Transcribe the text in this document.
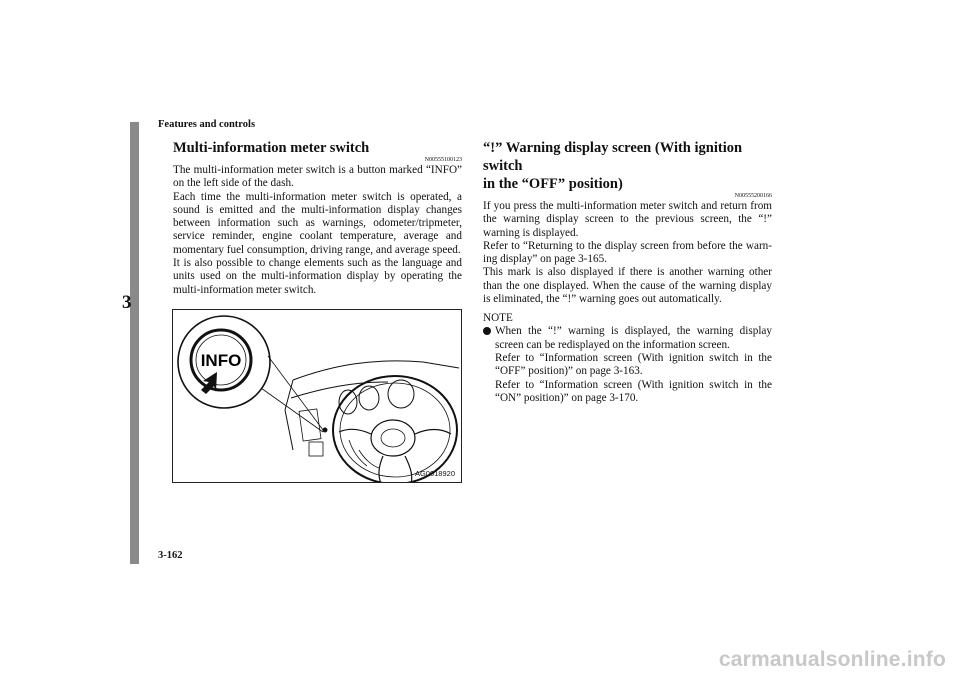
Features and controls
3
3-162
Multi-information meter switch
N00555100123

The multi-information meter switch is a button marked “INFO” on the left side of the dash.

Each time the multi-information meter switch is operated, a sound is emitted and the multi-information display changes between information such as warnings, odometer/tripmeter, service reminder, engine coolant temperature, average and momentary fuel consumption, driving range, and average speed.

It is also possible to change elements such as the language and units used on the multi-information display by operating the multi-information meter switch.

INFO
AG0018920
“!” Warning display screen (With ignition switch
in the “OFF” position)
N00555200166

If you press the multi-information meter switch and return from the warning display screen to the previous screen, the “!” warning is displayed.

Refer to “Returning to the display screen from before the warn-ing display” on page 3-165.

This mark is also displayed if there is another warning other than the one displayed. When the cause of the warning display is eliminated, the “!” warning goes out automatically.

NOTE

When the “!” warning is displayed, the warning display screen can be redisplayed on the information screen.

Refer to “Information screen (With ignition switch in the “OFF” position)” on page 3-163.

Refer to “Information screen (With ignition switch in the “ON” position)” on page 3-170.

carmanualsonline.info
